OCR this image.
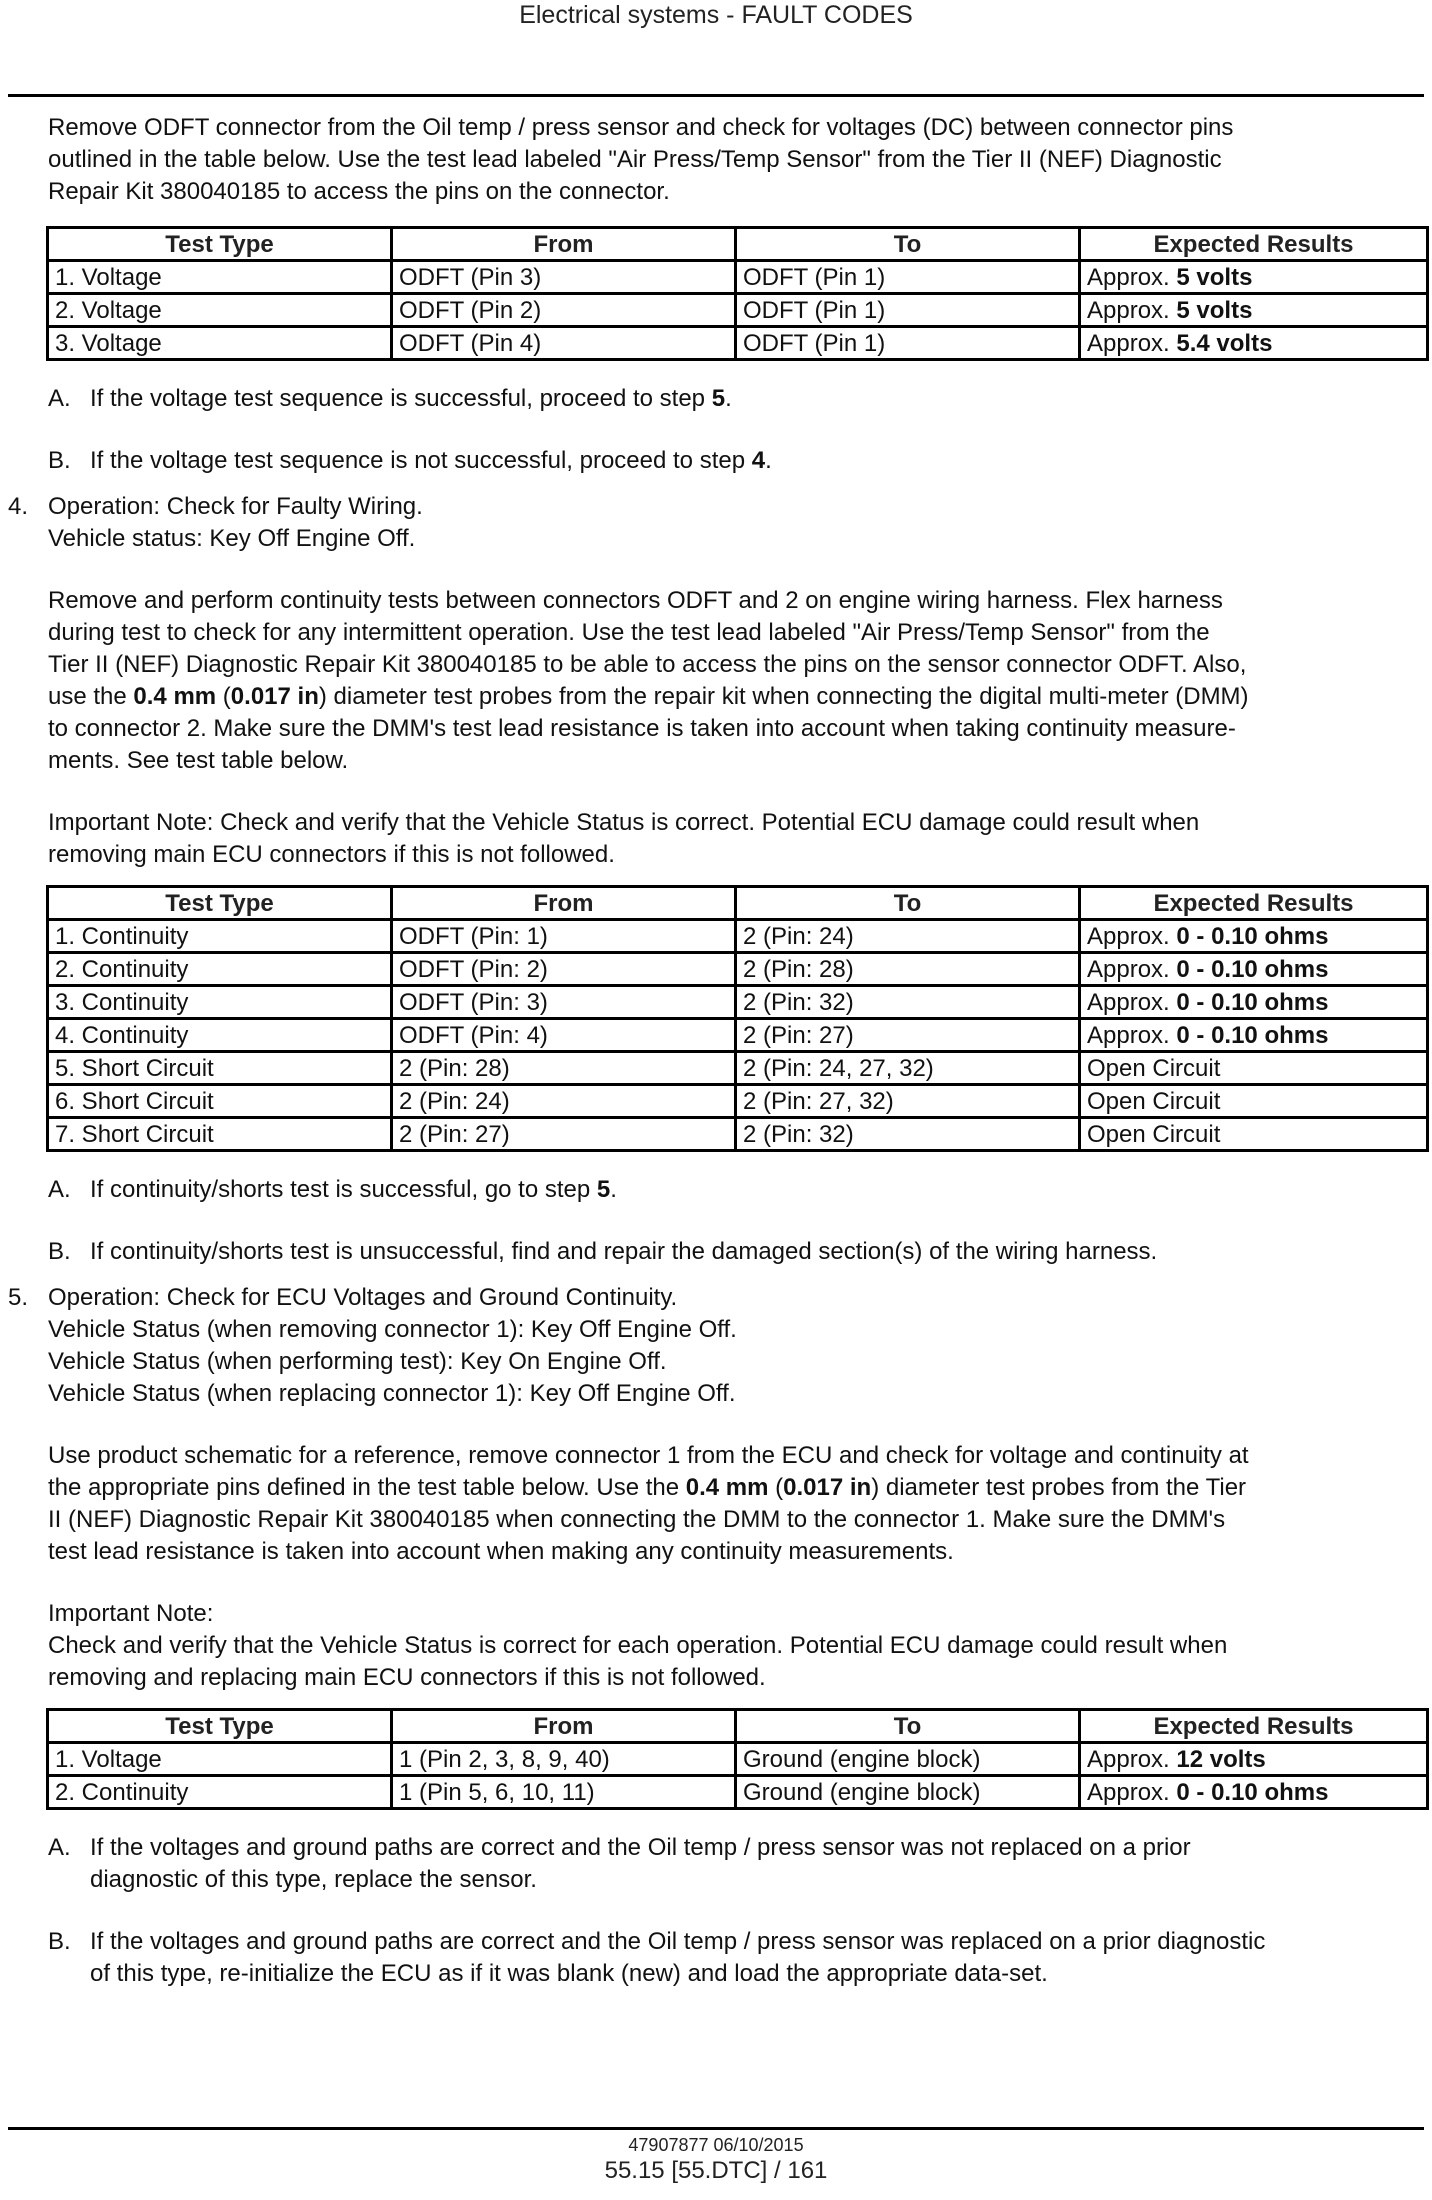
Electrical systems - FAULT CODES
Remove ODFT connector from the Oil temp / press sensor and check for voltages (DC) between connector pins
outlined in the table below. Use the test lead labeled "Air Press/Temp Sensor" from the Tier II (NEF) Diagnostic
Repair Kit 380040185 to access the pins on the connector.
Test Type	From	To	Expected Results
1. Voltage	ODFT (Pin 3)	ODFT (Pin 1)	Approx. 5 volts
2. Voltage	ODFT (Pin 2)	ODFT (Pin 1)	Approx. 5 volts
3. Voltage	ODFT (Pin 4)	ODFT (Pin 1)	Approx. 5.4 volts
A. If the voltage test sequence is successful, proceed to step 5.
B. If the voltage test sequence is not successful, proceed to step 4.
4. Operation: Check for Faulty Wiring.
Vehicle status: Key Off Engine Off.
Remove and perform continuity tests between connectors ODFT and 2 on engine wiring harness. Flex harness
during test to check for any intermittent operation. Use the test lead labeled "Air Press/Temp Sensor" from the
Tier II (NEF) Diagnostic Repair Kit 380040185 to be able to access the pins on the sensor connector ODFT. Also,
use the 0.4 mm (0.017 in) diameter test probes from the repair kit when connecting the digital multi-meter (DMM)
to connector 2. Make sure the DMM's test lead resistance is taken into account when taking continuity measure-
ments. See test table below.
Important Note: Check and verify that the Vehicle Status is correct. Potential ECU damage could result when
removing main ECU connectors if this is not followed.
Test Type	From	To	Expected Results
1. Continuity	ODFT (Pin: 1)	2 (Pin: 24)	Approx. 0 - 0.10 ohms
2. Continuity	ODFT (Pin: 2)	2 (Pin: 28)	Approx. 0 - 0.10 ohms
3. Continuity	ODFT (Pin: 3)	2 (Pin: 32)	Approx. 0 - 0.10 ohms
4. Continuity	ODFT (Pin: 4)	2 (Pin: 27)	Approx. 0 - 0.10 ohms
5. Short Circuit	2 (Pin: 28)	2 (Pin: 24, 27, 32)	Open Circuit
6. Short Circuit	2 (Pin: 24)	2 (Pin: 27, 32)	Open Circuit
7. Short Circuit	2 (Pin: 27)	2 (Pin: 32)	Open Circuit
A. If continuity/shorts test is successful, go to step 5.
B. If continuity/shorts test is unsuccessful, find and repair the damaged section(s) of the wiring harness.
5. Operation: Check for ECU Voltages and Ground Continuity.
Vehicle Status (when removing connector 1): Key Off Engine Off.
Vehicle Status (when performing test): Key On Engine Off.
Vehicle Status (when replacing connector 1): Key Off Engine Off.
Use product schematic for a reference, remove connector 1 from the ECU and check for voltage and continuity at
the appropriate pins defined in the test table below. Use the 0.4 mm (0.017 in) diameter test probes from the Tier
II (NEF) Diagnostic Repair Kit 380040185 when connecting the DMM to the connector 1. Make sure the DMM's
test lead resistance is taken into account when making any continuity measurements.
Important Note:
Check and verify that the Vehicle Status is correct for each operation. Potential ECU damage could result when
removing and replacing main ECU connectors if this is not followed.
Test Type	From	To	Expected Results
1. Voltage	1 (Pin 2, 3, 8, 9, 40)	Ground (engine block)	Approx. 12 volts
2. Continuity	1 (Pin 5, 6, 10, 11)	Ground (engine block)	Approx. 0 - 0.10 ohms
A. If the voltages and ground paths are correct and the Oil temp / press sensor was not replaced on a prior
diagnostic of this type, replace the sensor.
B. If the voltages and ground paths are correct and the Oil temp / press sensor was replaced on a prior diagnostic
of this type, re-initialize the ECU as if it was blank (new) and load the appropriate data-set.
47907877 06/10/2015
55.15 [55.DTC] / 161
